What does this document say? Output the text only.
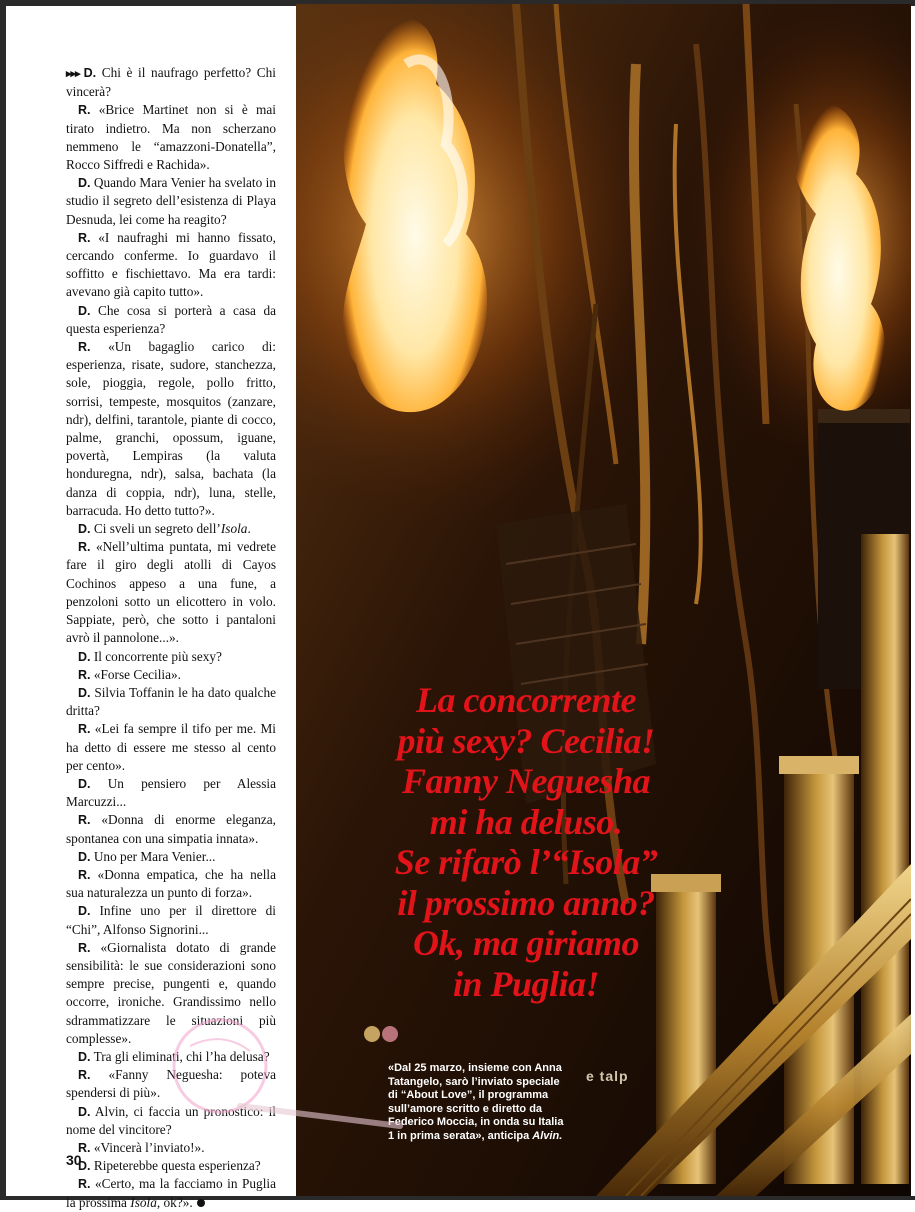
▸▸▸ D. Chi è il naufrago perfetto? Chi vincerà?

R. «Brice Martinet non si è mai tirato indietro. Ma non scherzano nemmeno le “amazzoni-Donatella”, Rocco Siffredi e Rachida».

D. Quando Mara Venier ha svelato in studio il segreto dell’esistenza di Playa Desnuda, lei come ha reagito?

R. «I naufraghi mi hanno fissato, cercando conferme. Io guardavo il soffitto e fischiettavo. Ma era tardi: avevano già capito tutto».

D. Che cosa si porterà a casa da questa esperienza?

R. «Un bagaglio carico di: esperienza, risate, sudore, stanchezza, sole, pioggia, regole, pollo fritto, sorrisi, tempeste, mosquitos (zanzare, ndr), delfini, tarantole, piante di cocco, palme, granchi, opossum, iguane, povertà, Lempiras (la valuta honduregna, ndr), salsa, bachata (la danza di coppia, ndr), luna, stelle, barracuda. Ho detto tutto?».

D. Ci sveli un segreto dell’Isola.

R. «Nell’ultima puntata, mi vedrete fare il giro degli atolli di Cayos Cochinos appeso a una fune, a penzoloni sotto un elicottero in volo. Sappiate, però, che sotto i pantaloni avrò il pannolone...».

D. Il concorrente più sexy?

R. «Forse Cecilia».

D. Silvia Toffanin le ha dato qualche dritta?

R. «Lei fa sempre il tifo per me. Mi ha detto di essere me stesso al cento per cento».

D. Un pensiero per Alessia Marcuzzi...

R. «Donna di enorme eleganza, spontanea con una simpatia innata».

D. Uno per Mara Venier...

R. «Donna empatica, che ha nella sua naturalezza un punto di forza».

D. Infine uno per il direttore di “Chi”, Alfonso Signorini...

R. «Giornalista dotato di grande sensibilità: le sue considerazioni sono sempre precise, pungenti e, quando occorre, ironiche. Grandissimo nello sdrammatizzare le situazioni più complesse».

D. Tra gli eliminati, chi l’ha delusa?

R. «Fanny Neguesha: poteva spendersi di più».

D. Alvin, ci faccia un pronostico: il nome del vincitore?

R. «Vincerà l’inviato!».

D. Ripeterebbe questa esperienza?

R. «Certo, ma la facciamo in Puglia la prossima Isola, ok?».

30
La concorrente
più sexy? Cecilia!
Fanny Neguesha
mi ha deluso.
Se rifarò l’“Isola”
il prossimo anno?
Ok, ma giriamo
in Puglia!
«Dal 25 marzo, insieme con Anna
Tatangelo, sarò l’inviato speciale
di “About Love”, il programma
sull’amore scritto e diretto da
Federico Moccia, in onda su Italia
1 in prima serata», anticipa Alvin.
e talp
